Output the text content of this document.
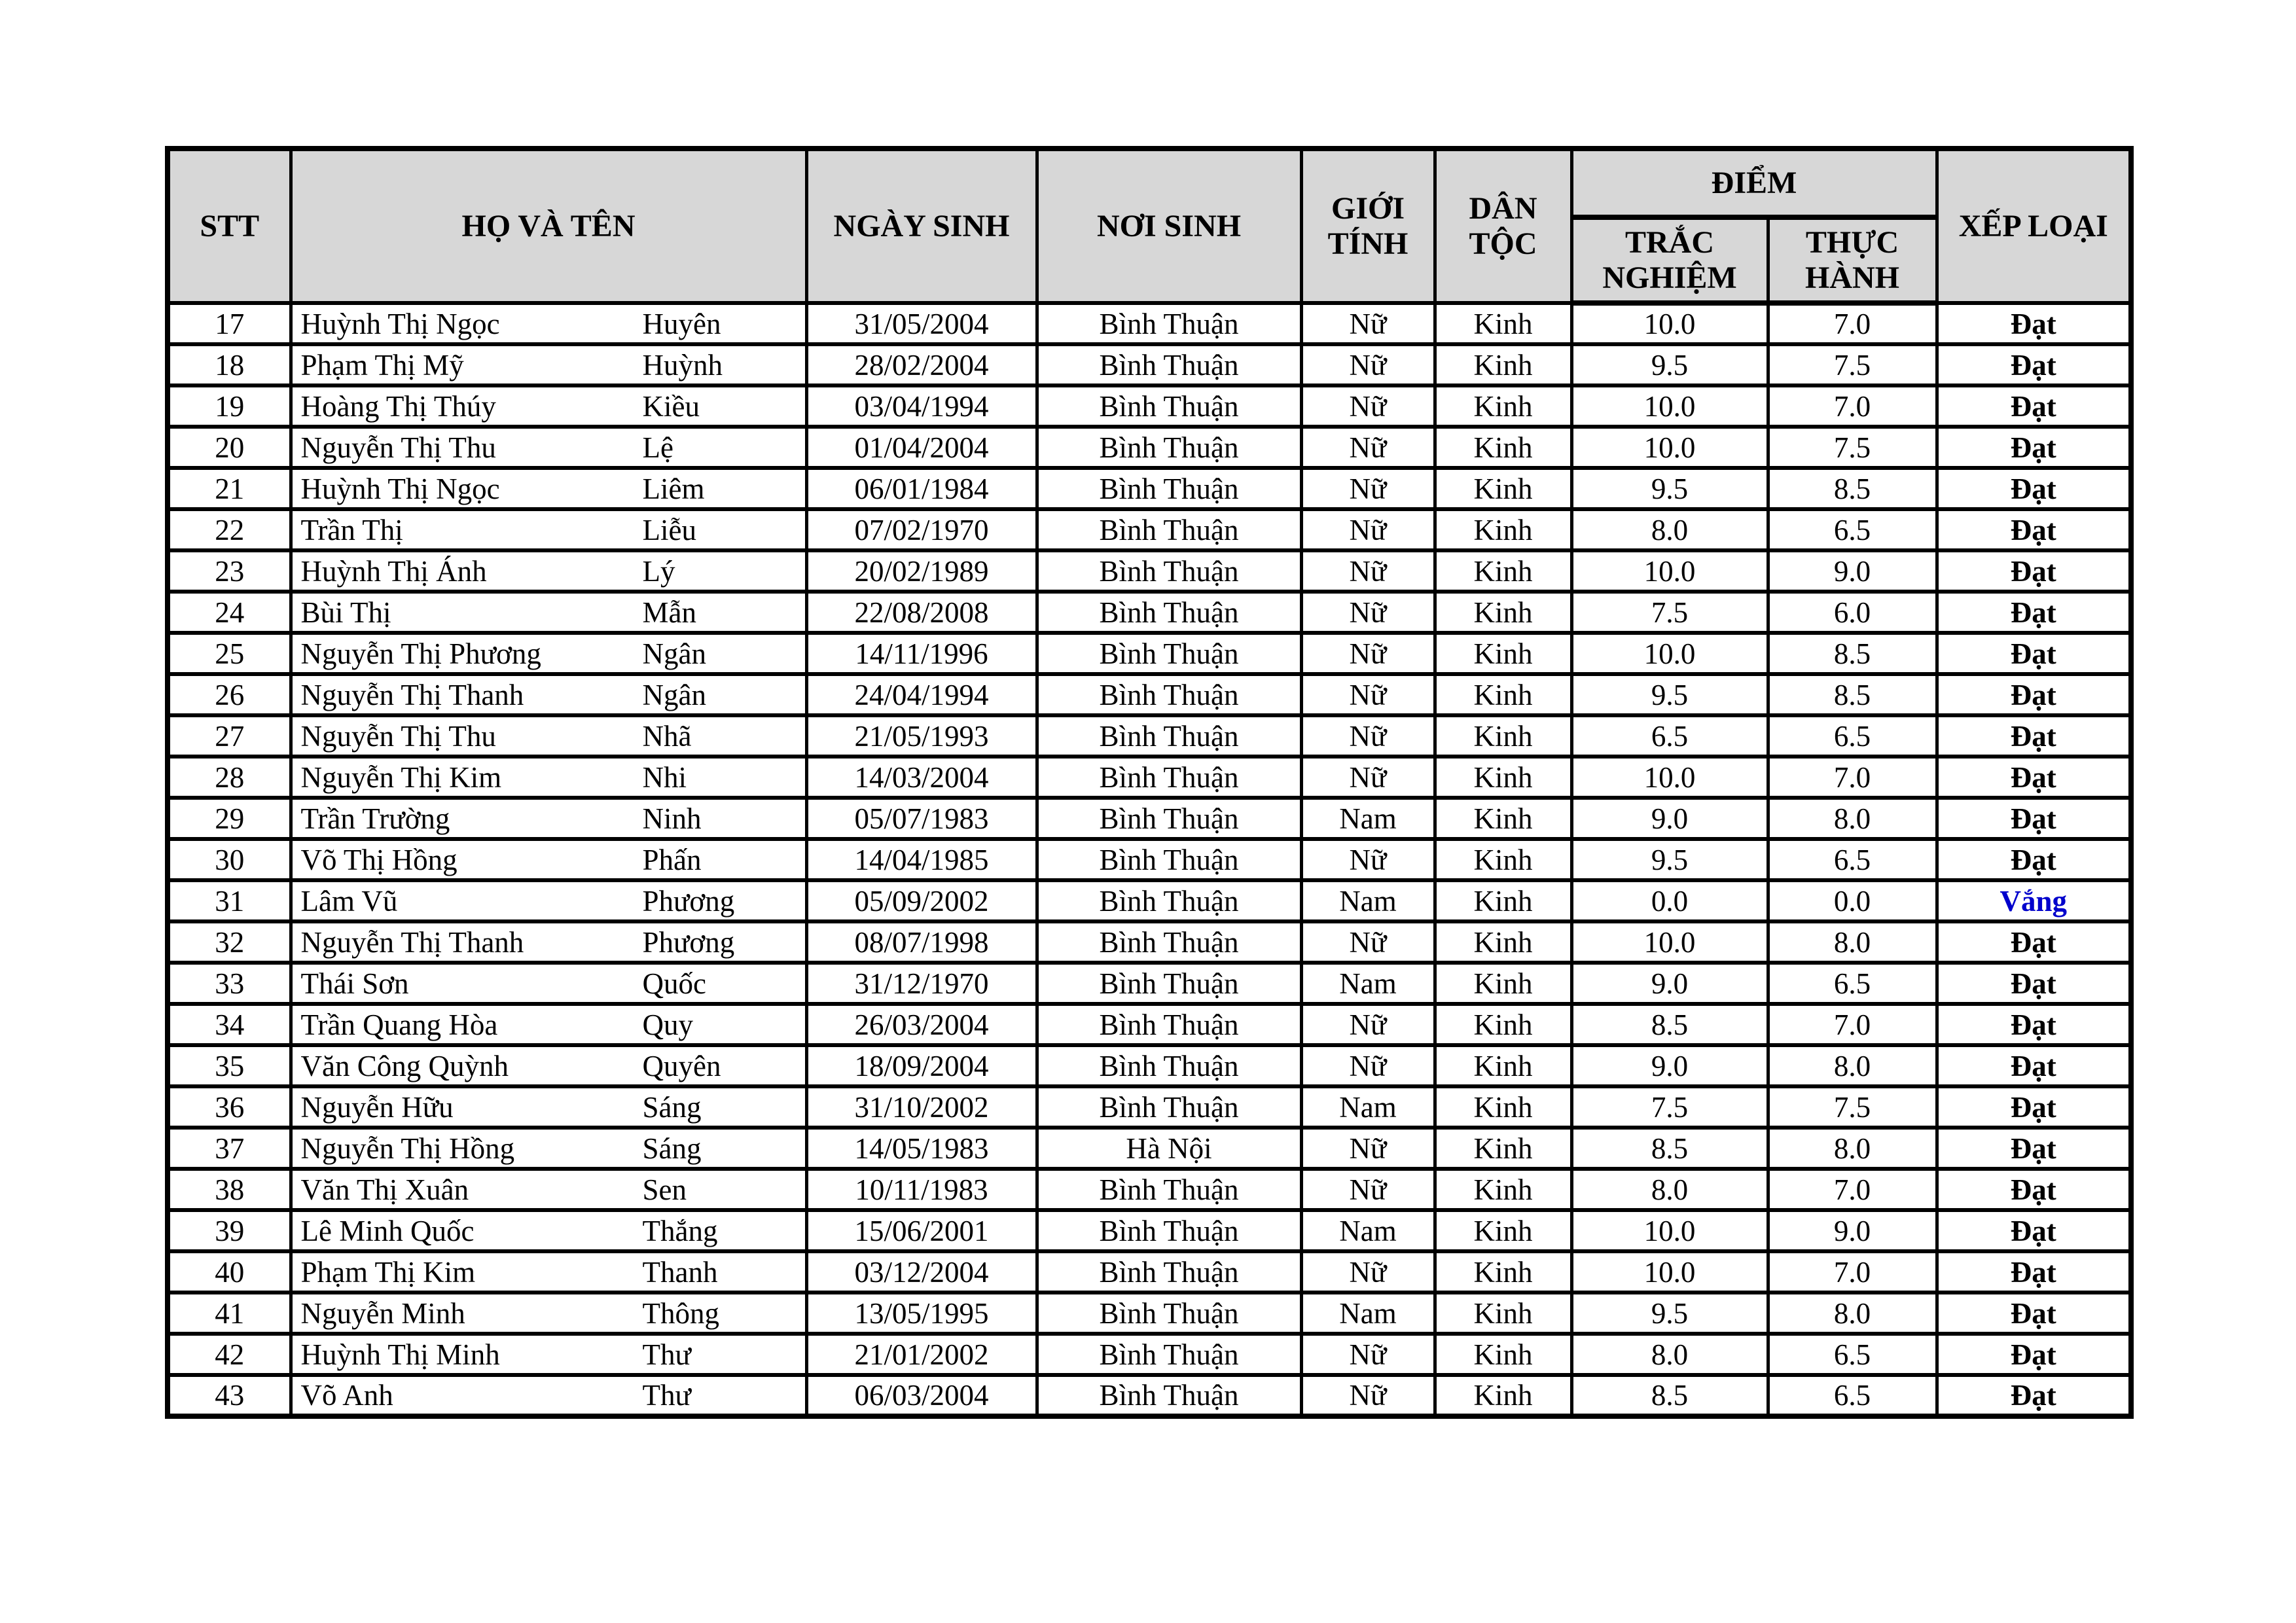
STT	HỌ VÀ TÊN	NGÀY SINH	NƠI SINH	GIỚI TÍNH	DÂN TỘC	ĐIỂM		XẾP LOẠI
						TRẮC NGHIỆM	THỰC HÀNH	
17	Huỳnh Thị Ngọc Huyên	31/05/2004	Bình Thuận	Nữ	Kinh	10.0	7.0	Đạt
18	Phạm Thị Mỹ Huỳnh	28/02/2004	Bình Thuận	Nữ	Kinh	9.5	7.5	Đạt
19	Hoàng Thị Thúy Kiều	03/04/1994	Bình Thuận	Nữ	Kinh	10.0	7.0	Đạt
20	Nguyễn Thị Thu Lệ	01/04/2004	Bình Thuận	Nữ	Kinh	10.0	7.5	Đạt
21	Huỳnh Thị Ngọc Liêm	06/01/1984	Bình Thuận	Nữ	Kinh	9.5	8.5	Đạt
22	Trần Thị Liễu	07/02/1970	Bình Thuận	Nữ	Kinh	8.0	6.5	Đạt
23	Huỳnh Thị Ánh Lý	20/02/1989	Bình Thuận	Nữ	Kinh	10.0	9.0	Đạt
24	Bùi Thị Mẫn	22/08/2008	Bình Thuận	Nữ	Kinh	7.5	6.0	Đạt
25	Nguyễn Thị Phương Ngân	14/11/1996	Bình Thuận	Nữ	Kinh	10.0	8.5	Đạt
26	Nguyễn Thị Thanh Ngân	24/04/1994	Bình Thuận	Nữ	Kinh	9.5	8.5	Đạt
27	Nguyễn Thị Thu Nhã	21/05/1993	Bình Thuận	Nữ	Kinh	6.5	6.5	Đạt
28	Nguyễn Thị Kim Nhi	14/03/2004	Bình Thuận	Nữ	Kinh	10.0	7.0	Đạt
29	Trần Trường Ninh	05/07/1983	Bình Thuận	Nam	Kinh	9.0	8.0	Đạt
30	Võ Thị Hồng Phấn	14/04/1985	Bình Thuận	Nữ	Kinh	9.5	6.5	Đạt
31	Lâm Vũ Phương	05/09/2002	Bình Thuận	Nam	Kinh	0.0	0.0	Vắng
32	Nguyễn Thị Thanh Phương	08/07/1998	Bình Thuận	Nữ	Kinh	10.0	8.0	Đạt
33	Thái Sơn Quốc	31/12/1970	Bình Thuận	Nam	Kinh	9.0	6.5	Đạt
34	Trần Quang Hòa Quy	26/03/2004	Bình Thuận	Nữ	Kinh	8.5	7.0	Đạt
35	Văn Công Quỳnh Quyên	18/09/2004	Bình Thuận	Nữ	Kinh	9.0	8.0	Đạt
36	Nguyễn Hữu Sáng	31/10/2002	Bình Thuận	Nam	Kinh	7.5	7.5	Đạt
37	Nguyễn Thị Hồng Sáng	14/05/1983	Hà Nội	Nữ	Kinh	8.5	8.0	Đạt
38	Văn Thị Xuân Sen	10/11/1983	Bình Thuận	Nữ	Kinh	8.0	7.0	Đạt
39	Lê Minh Quốc Thắng	15/06/2001	Bình Thuận	Nam	Kinh	10.0	9.0	Đạt
40	Phạm Thị Kim Thanh	03/12/2004	Bình Thuận	Nữ	Kinh	10.0	7.0	Đạt
41	Nguyễn Minh Thông	13/05/1995	Bình Thuận	Nam	Kinh	9.5	8.0	Đạt
42	Huỳnh Thị Minh Thư	21/01/2002	Bình Thuận	Nữ	Kinh	8.0	6.5	Đạt
43	Võ Anh Thư	06/03/2004	Bình Thuận	Nữ	Kinh	8.5	6.5	Đạt
